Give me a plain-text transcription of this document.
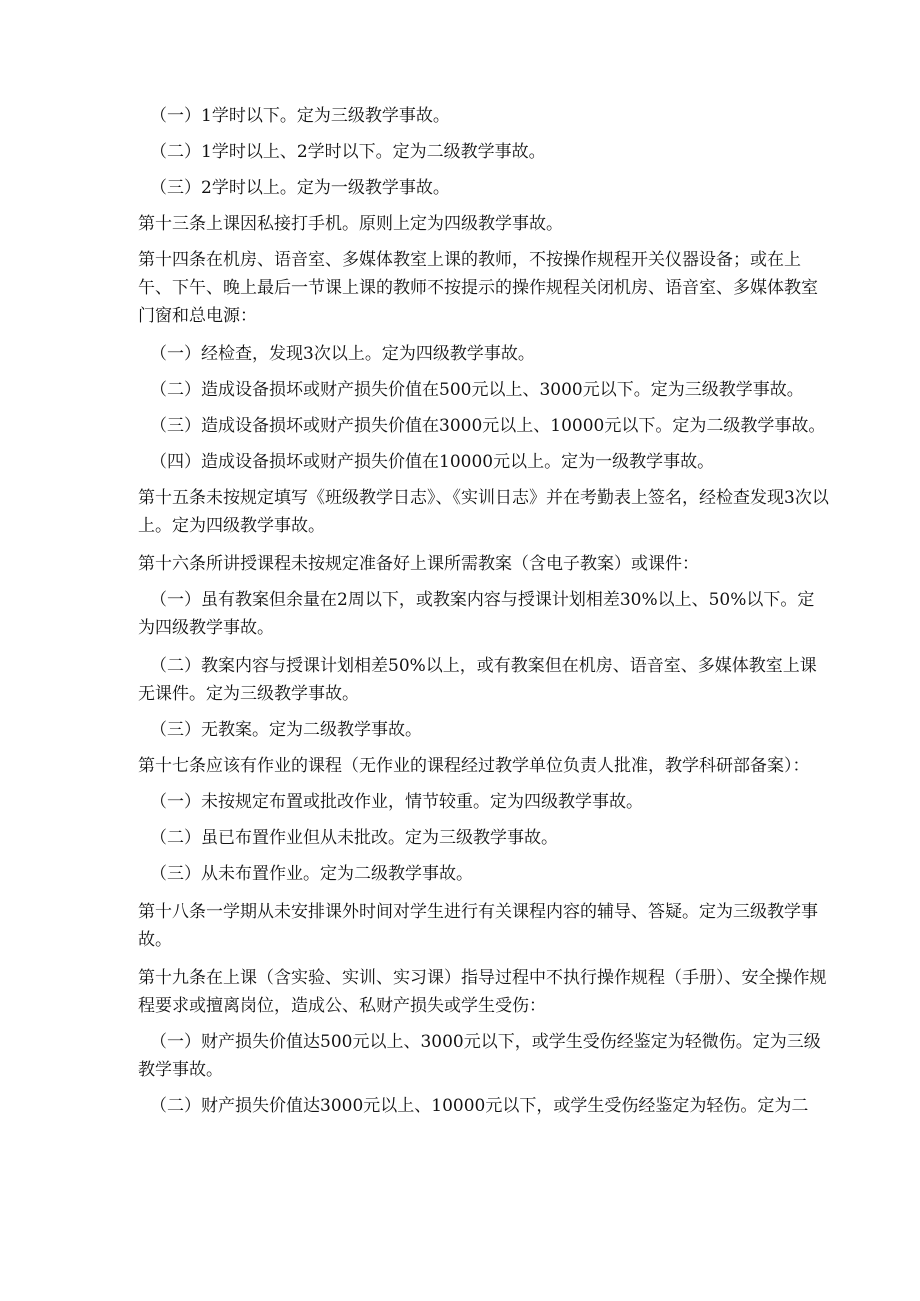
（一）1学时以下。定为三级教学事故。

（二）1学时以上、2学时以下。定为二级教学事故。

（三）2学时以上。定为一级教学事故。

第十三条上课因私接打手机。原则上定为四级教学事故。

第十四条在机房、语音室、多媒体教室上课的教师，不按操作规程开关仪器设备；或在上午、下午、晚上最后一节课上课的教师不按提示的操作规程关闭机房、语音室、多媒体教室门窗和总电源：

（一）经检查，发现3次以上。定为四级教学事故。

（二）造成设备损坏或财产损失价值在500元以上、3000元以下。定为三级教学事故。

（三）造成设备损坏或财产损失价值在3000元以上、10000元以下。定为二级教学事故。

（四）造成设备损坏或财产损失价值在10000元以上。定为一级教学事故。

第十五条未按规定填写《班级教学日志》、《实训日志》并在考勤表上签名，经检查发现3次以上。定为四级教学事故。

第十六条所讲授课程未按规定准备好上课所需教案（含电子教案）或课件：

（一）虽有教案但余量在2周以下，或教案内容与授课计划相差30%以上、50%以下。定为四级教学事故。

（二）教案内容与授课计划相差50%以上，或有教案但在机房、语音室、多媒体教室上课无课件。定为三级教学事故。

（三）无教案。定为二级教学事故。

第十七条应该有作业的课程（无作业的课程经过教学单位负责人批准，教学科研部备案）：

（一）未按规定布置或批改作业，情节较重。定为四级教学事故。

（二）虽已布置作业但从未批改。定为三级教学事故。

（三）从未布置作业。定为二级教学事故。

第十八条一学期从未安排课外时间对学生进行有关课程内容的辅导、答疑。定为三级教学事故。

第十九条在上课（含实验、实训、实习课）指导过程中不执行操作规程（手册）、安全操作规程要求或擅离岗位，造成公、私财产损失或学生受伤：

（一）财产损失价值达500元以上、3000元以下，或学生受伤经鉴定为轻微伤。定为三级教学事故。

（二）财产损失价值达3000元以上、10000元以下，或学生受伤经鉴定为轻伤。定为二
